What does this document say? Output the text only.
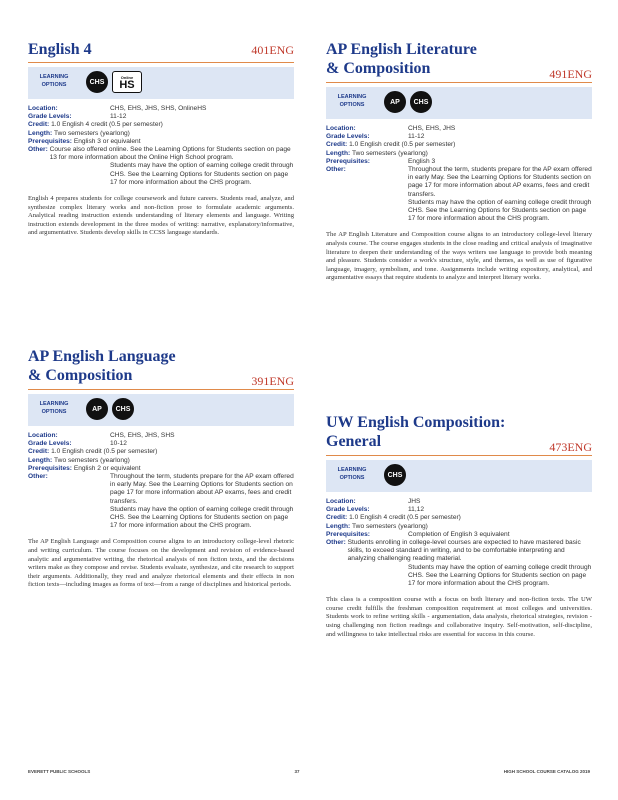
English 4	401ENG
LEARNING OPTIONS	CHS
Online
HS
Location:	CHS, EHS, JHS, SHS, OnlineHS
Grade Levels:	11-12
Credit:
1.0 English 4 credit (0.5 per semester)
Length:
Two semesters (yearlong)
Prerequisites:
English 3 or equivalent
Other:
Course also offered online. See the Learning Options for Students section on page 13 for more information about the Online High School program.
Students may have the option of earning college credit through CHS. See the Learning Options for Students section on page 17 for more information about the CHS program.
English 4 prepares students for college coursework and future careers. Students read, analyze, and synthesize complex literary works and non-fiction prose to formulate academic arguments. Analytical reading instruction extends understanding of literary elements and language. Writing instruction extends development in the three modes of writing: narrative, explanatory/informative, and argumentative. Students develop skills in CCSS language standards.
AP English Language
& Composition	391ENG
LEARNING OPTIONS	AP	CHS
Location:	CHS, EHS, JHS, SHS
Grade Levels:	10-12
Credit:
1.0 English credit (0.5 per semester)
Length:
Two semesters (yearlong)
Prerequisites:
English 2 or equivalent
Other:	Throughout the term, students prepare for the AP exam offered in early May. See the Learning Options for Students section on page 17 for more information about AP exams, fees and credit transfers.
Students may have the option of earning college credit through CHS. See the Learning Options for Students section on page 17 for more information about the CHS program.
The AP English Language and Composition course aligns to an introductory college-level rhetoric and writing curriculum. The course focuses on the development and revision of evidence-based analytic and argumentative writing, the rhetorical analysis of non fiction texts, and the decisions writers make as they compose and revise. Students evaluate, synthesize, and cite research to support their arguments. Additionally, they read and analyze rhetorical elements and their effects in non fiction texts—including images as forms of text—from a range of disciplines and historical periods.
AP English Literature
& Composition	491ENG
LEARNING OPTIONS	AP	CHS
Location:	CHS, EHS, JHS
Grade Levels:	11-12
Credit:
1.0 English credit (0.5 per semester)
Length:
Two semesters (yearlong)
Prerequisites:	English 3
Other:	Throughout the term, students prepare for the AP exam offered in early May. See the Learning Options for Students section on page 17 for more information about AP exams, fees and credit transfers.
Students may have the option of earning college credit through CHS. See the Learning Options for Students section on page 17 for more information about the CHS program.
The AP English Literature and Composition course aligns to an introductory college-level literary analysis course. The course engages students in the close reading and critical analysis of imaginative literature to deepen their understanding of the ways writers use language to provide both meaning and pleasure. Students consider a work's structure, style, and themes, as well as use of figurative language, imagery, symbolism, and tone. Assignments include writing expository, analytical, and argumentative essays that require students to analyze and interpret literary works.
UW English Composition:
General	473ENG
LEARNING OPTIONS	CHS
Location:	JHS
Grade Levels:	11,12
Credit:
1.0 English 4 credit (0.5 per semester)
Length:
Two semesters (yearlong)
Prerequisites:	Completion of English 3 equivalent
Other:
Students enrolling in college-level courses are expected to have mastered basic skills, to exceed standard in writing, and to be comfortable interpreting and analyzing challenging reading material.
Students may have the option of earning college credit through CHS. See the Learning Options for Students section on page 17 for more information about the CHS program.
This class is a composition course with a focus on both literary and non-fiction texts. The UW course credit fulfills the freshman composition requirement at most colleges and universities. Students work to refine writing skills - argumentation, data analysis, rhetorical strategies, revision - using challenging non fiction readings and collaborative inquiry. Self-motivation, self-discipline, and willingness to take intellectual risks are essential for success in this course.
EVERETT PUBLIC SCHOOLS	37	HIGH SCHOOL COURSE CATALOG 2019
